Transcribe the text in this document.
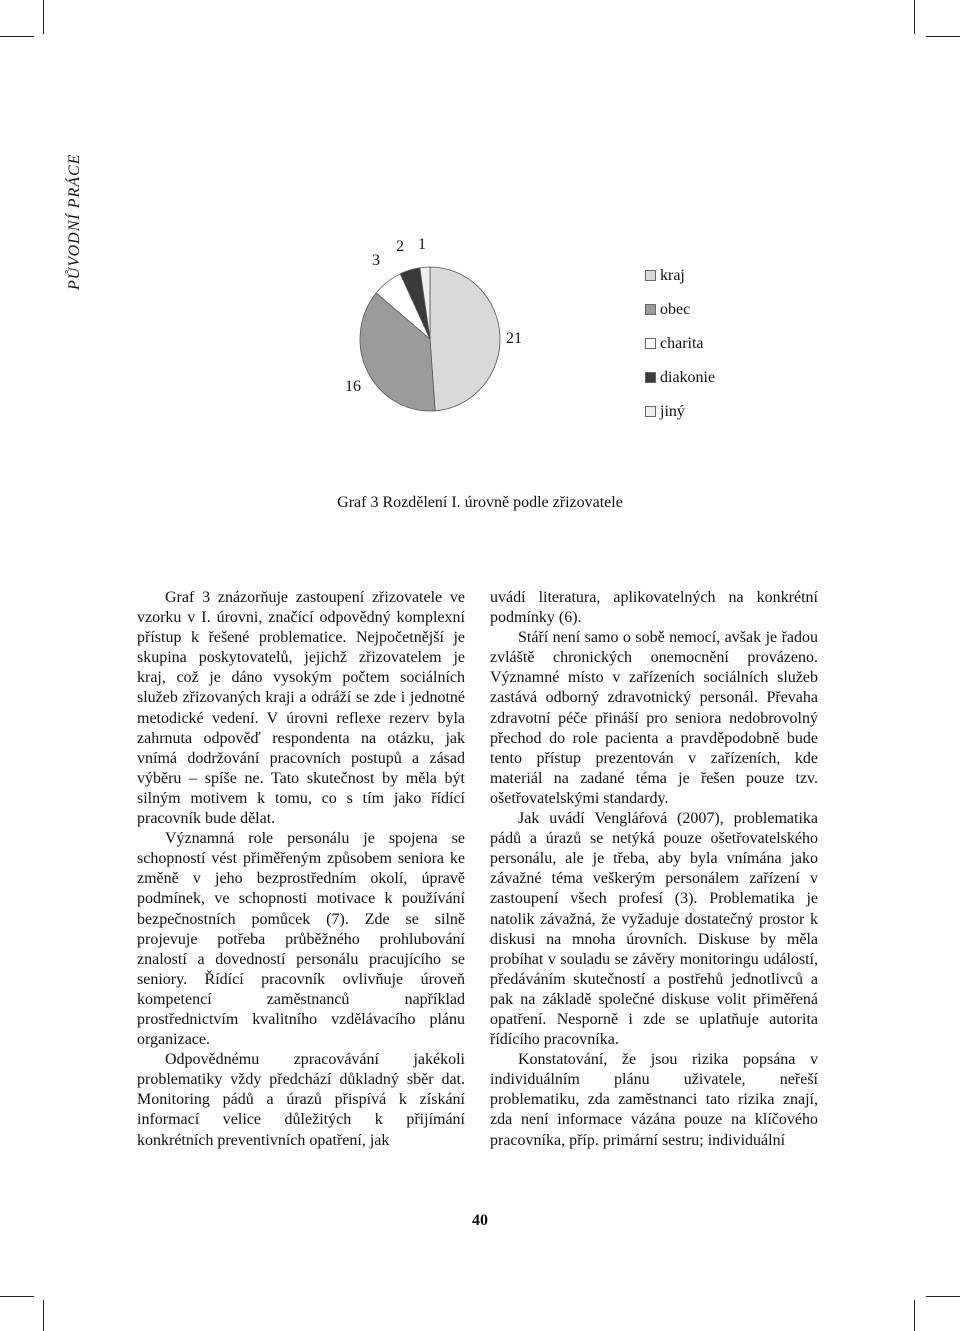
PŮVODNÍ PRÁCE
21
16
3
2 1
kraj
obec
charita
diakonie
jiný
Graf 3 Rozdělení I. úrovně podle zřizovatele

Graf 3 znázorňuje zastoupení zřizovatele ve vzorku v I. úrovni, značící odpovědný komplexní přístup k řešené problematice. Nejpočetnější je skupina poskytovatelů, jejichž zřizovatelem je kraj, což je dáno vysokým počtem sociálních služeb zřizovaných kraji a odráží se zde i jednotné metodické vedení. V úrovni reflexe rezerv byla zahrnuta odpověď respondenta na otázku, jak vnímá dodržování pracovních postupů a zásad výběru – spíše ne. Tato skutečnost by měla být silným motivem k tomu, co s tím jako řídící pracovník bude dělat.

Významná role personálu je spojena se schopností vést přiměřeným způsobem seniora ke změně v jeho bezprostředním okolí, úpravě podmínek, ve schopnosti motivace k používání bezpečnostních pomůcek (7). Zde se silně projevuje potřeba průběžného prohlubování znalostí a dovedností personálu pracujícího se seniory. Řídící pracovník ovlivňuje úroveň kompetencí zaměstnanců například prostřednictvím kvalitního vzdělávacího plánu organizace.

Odpovědnému zpracovávání jakékoli problematiky vždy předchází důkladný sběr dat. Monitoring pádů a úrazů přispívá k získání informací velice důležitých k přijímání konkrétních preventivních opatření, jak

uvádí literatura, aplikovatelných na konkrétní podmínky (6).

Stáří není samo o sobě nemocí, avšak je řadou zvláště chronických onemocnění provázeno. Významné místo v zařízeních sociálních služeb zastává odborný zdravotnický personál. Převaha zdravotní péče přináší pro seniora nedobrovolný přechod do role pacienta a pravděpodobně bude tento přístup prezentován v zařízeních, kde materiál na zadané téma je řešen pouze tzv. ošetřovatelskými standardy.

Jak uvádí Vengláŕová (2007), problematika pádů a úrazů se netýká pouze ošetřovatelského personálu, ale je třeba, aby byla vnímána jako závažné téma veškerým personálem zařízení v zastoupení všech profesí (3). Problematika je natolik závažná, že vyžaduje dostatečný prostor k diskusi na mnoha úrovních. Diskuse by měla probíhat v souladu se závěry monitoringu událostí, předáváním skutečností a postřehů jednotlivců a pak na základě společné diskuse volit přiměřená opatření. Nesporně i zde se uplatňuje autorita řídícího pracovníka.

Konstatování, že jsou rizika popsána v individuálním plánu uživatele, neřeší problematiku, zda zaměstnanci tato rizika znají, zda není informace vázána pouze na klíčového pracovníka, příp. primární sestru; individuální

40
